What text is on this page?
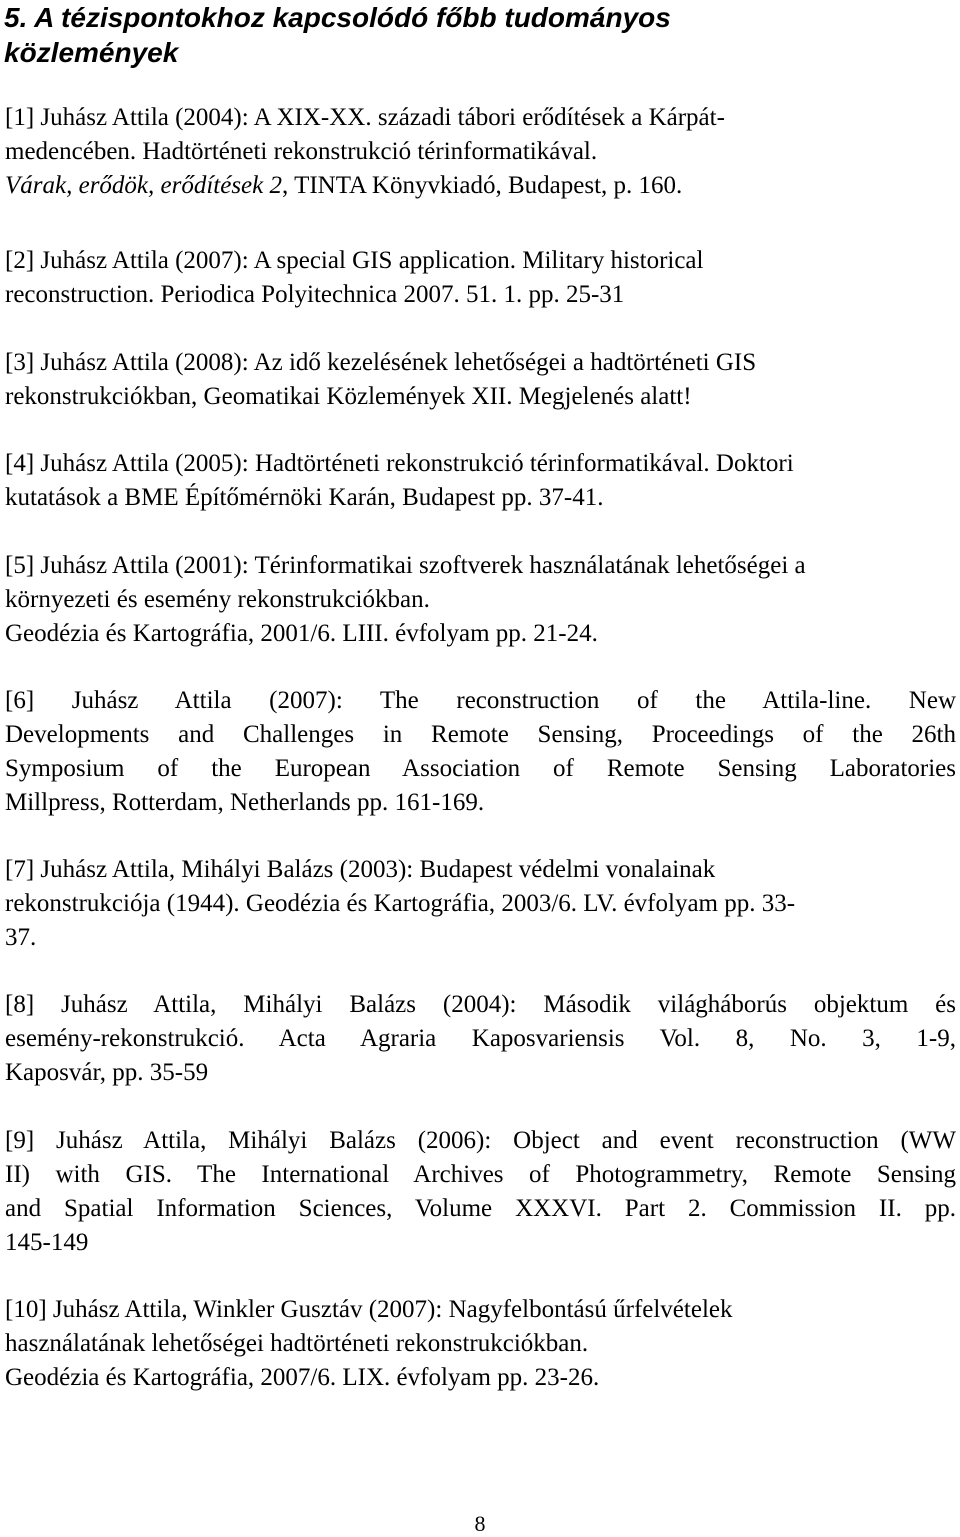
5. A tézispontokhoz kapcsolódó főbb tudományos
közlemények
[1] Juhász Attila (2004): A XIX-XX. századi tábori erődítések a Kárpát-
medencében. Hadtörténeti rekonstrukció térinformatikával.
Várak, erődök, erődítések 2, TINTA Könyvkiadó, Budapest, p. 160.
[2] Juhász Attila (2007): A special GIS application. Military historical
reconstruction. Periodica Polyitechnica 2007. 51. 1. pp. 25-31
[3] Juhász Attila (2008): Az idő kezelésének lehetőségei a hadtörténeti GIS
rekonstrukciókban, Geomatikai Közlemények XII. Megjelenés alatt!
[4] Juhász Attila (2005): Hadtörténeti rekonstrukció térinformatikával. Doktori
kutatások a BME Építőmérnöki Karán, Budapest pp. 37-41.
[5] Juhász Attila (2001): Térinformatikai szoftverek használatának lehetőségei a
környezeti és esemény rekonstrukciókban.
Geodézia és Kartográfia, 2001/6. LIII. évfolyam pp. 21-24.
[6] Juhász Attila (2007): The reconstruction of the Attila-line. New
Developments and Challenges in Remote Sensing, Proceedings of the 26th
Symposium of the European Association of Remote Sensing Laboratories
Millpress, Rotterdam, Netherlands pp. 161-169.
[7] Juhász Attila, Mihályi Balázs (2003): Budapest védelmi vonalainak
rekonstrukciója (1944). Geodézia és Kartográfia, 2003/6. LV. évfolyam pp. 33-
37.
[8] Juhász Attila, Mihályi Balázs (2004): Második világháborús objektum és
esemény-rekonstrukció. Acta Agraria Kaposvariensis Vol. 8, No. 3, 1-9,
Kaposvár, pp. 35-59
[9] Juhász Attila, Mihályi Balázs (2006): Object and event reconstruction (WW
II) with GIS. The International Archives of Photogrammetry, Remote Sensing
and Spatial Information Sciences, Volume XXXVI. Part 2. Commission II. pp.
145-149
[10] Juhász Attila, Winkler Gusztáv (2007): Nagyfelbontású űrfelvételek
használatának lehetőségei hadtörténeti rekonstrukciókban.
Geodézia és Kartográfia, 2007/6. LIX. évfolyam pp. 23-26.
8
